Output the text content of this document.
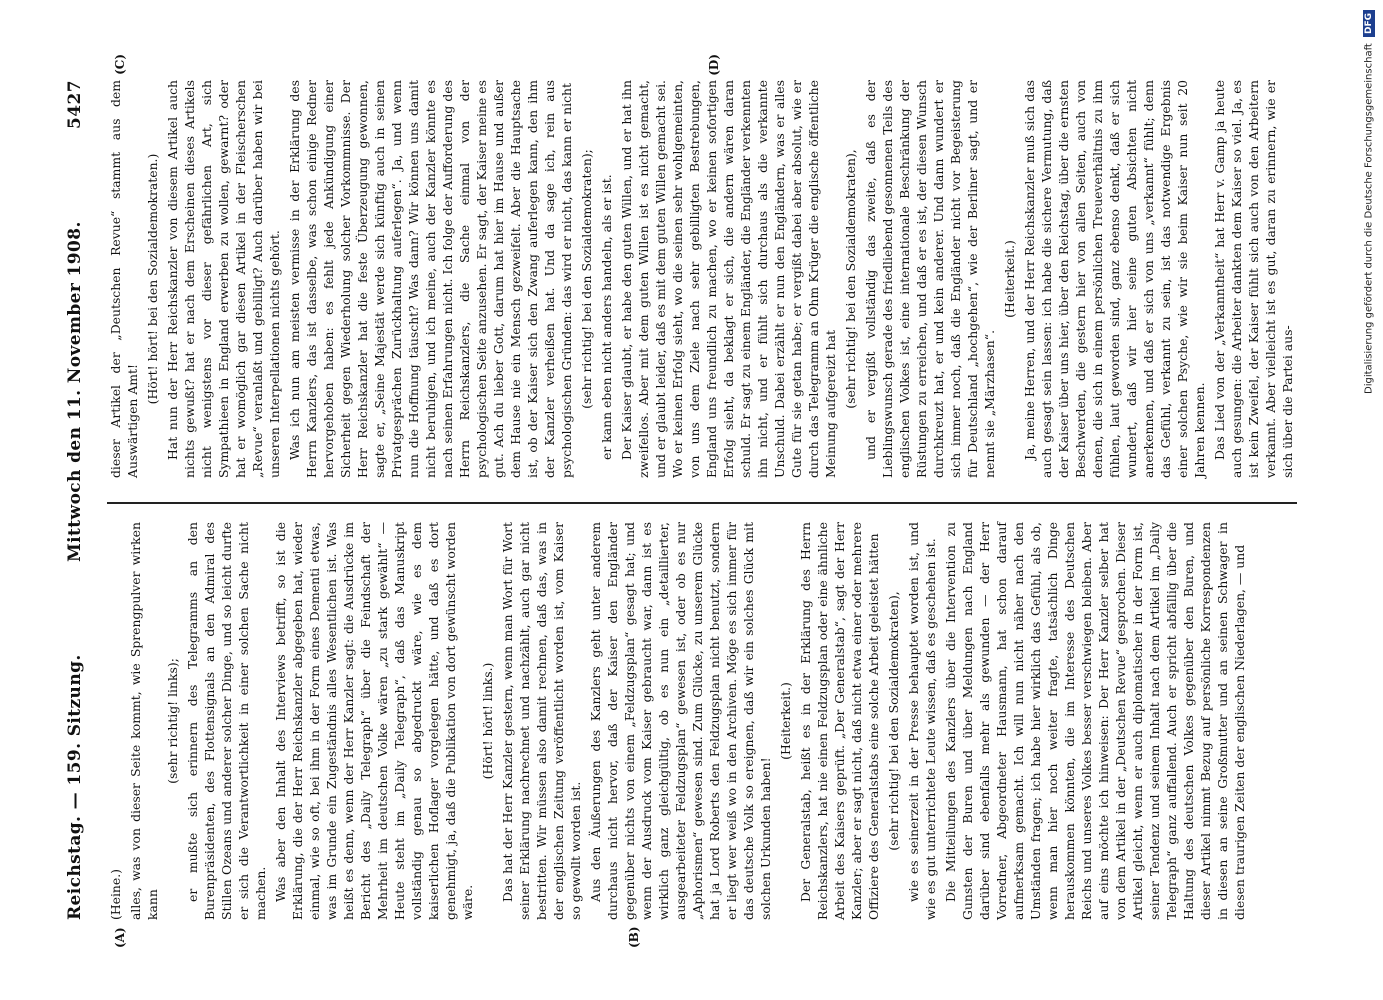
Reichstag. — 159. Sitzung.
Mittwoch den 11. November 1908.
5427
(A)	(B)

(Heine.) alles, was von dieser Seite kommt, wie Sprengpulver wirken kann

(sehr richtig! links); er mußte sich erinnern des Telegramms an den Burenpräsidenten, des Flottensignals an den Admiral des Stillen Ozeans und anderer solcher Dinge, und so leicht durfte er sich die Verantwortlichkeit in einer solchen Sache nicht machen. Was aber den Inhalt des Interviews betrifft, so ist die Erklärung, die der Herr Reichskanzler abgegeben hat, wieder einmal, wie so oft, bei ihm in der Form eines Dementi etwas, was im Grunde ein Zugeständnis alles Wesentlichen ist. Was heißt es denn, wenn der Herr Kanzler sagt: die Ausdrücke im Bericht des „Daily Telegraph“ über die Feindschaft der Mehrheit im deutschen Volke wären „zu stark gewählt“ — Heute steht im „Daily Telegraph“, daß das Manuskript vollständig genau so abgedruckt wäre, wie es dem kaiserlichen Hoflager vorgelegen hätte, und daß es dort genehmigt, ja, daß die Publikation von dort gewünscht worden wäre.

(Hört! hört! links.) Das hat der Herr Kanzler gestern, wenn man Wort für Wort seiner Erklärung nachrechnet und nachzählt, auch gar nicht bestritten. Wir müssen also damit rechnen, daß das, was in der englischen Zeitung veröffentlicht worden ist, vom Kaiser so gewollt worden ist. Aus den Äußerungen des Kanzlers geht unter anderem durchaus nicht hervor, daß der Kaiser den Engländer gegenüber nichts von einem „Feldzugsplan“ gesagt hat; und wenn der Ausdruck vom Kaiser gebraucht war, dann ist es wirklich ganz gleichgültig, ob es nun ein „detaillierter, ausgearbeiteter Feldzugsplan“ gewesen ist, oder ob es nur „Aphorismen“ gewesen sind. Zum Glücke, zu unserem Glücke hat ja Lord Roberts den Feldzugsplan nicht benutzt, sondern er liegt wer weiß wo in den Archiven. Möge es sich immer für das deutsche Volk so ereignen, daß wir ein solches Glück mit solchen Urkunden haben!

(Heiterkeit.) Der Generalstab, heißt es in der Erklärung des Herrn Reichskanzlers, hat nie einen Feldzugsplan oder eine ähnliche Arbeit des Kaisers geprüft. „Der Generalstab“, sagt der Herr Kanzler; aber er sagt nicht, daß nicht etwa einer oder mehrere Offiziere des Generalstabs eine solche Arbeit geleistet hätten (sehr richtig! bei den Sozialdemokraten), wie es seinerzeit in der Presse behauptet worden ist, und wie es gut unterrichtete Leute wissen, daß es geschehen ist. Die Mitteilungen des Kanzlers über die Intervention zu Gunsten der Buren und über Meldungen nach England darüber sind ebenfalls mehr als gewunden — der Herr Vorredner, Abgeordneter Hausmann, hat schon darauf aufmerksam gemacht. Ich will nun nicht näher nach den Umständen fragen; ich habe hier wirklich das Gefühl, als ob, wenn man hier noch weiter fragte, tatsächlich Dinge herauskommen könnten, die im Interesse des Deutschen Reichs und unseres Volkes besser verschwiegen bleiben. Aber auf eins möchte ich hinweisen: Der Herr Kanzler selber hat von dem Artikel in der „Deutschen Revue“ gesprochen. Dieser Artikel gleicht, wenn er auch diplomatischer in der Form ist, seiner Tendenz und seinem Inhalt nach dem Artikel im „Daily Telegraph“ ganz auffallend. Auch er spricht abfällig über die Haltung des deutschen Volkes gegenüber den Buren, und dieser Artikel nimmt Bezug auf persönliche Korrespondenzen in diesen an seine Großmutter und an seinen Schwager in diesen traurigen Zeiten der englischen Niederlagen, — und

(C)	(D)

dieser Artikel der „Deutschen Revue“ stammt aus dem Auswärtigen Amt!

(Hört! hört! bei den Sozialdemokraten.) Hat nun der Herr Reichskanzler von diesem Artikel auch nichts gewußt? hat er nach dem Erscheinen dieses Artikels nicht wenigstens vor dieser gefährlichen Art, sich Sympathieen in England erwerben zu wollen, gewarnt? oder hat er womöglich gar diesen Artikel in der Fleischerschen „Revue“ veranlaßt und gebilligt? Auch darüber haben wir bei unseren Interpellationen nichts gehört. Was ich nun am meisten vermisse in der Erklärung des Herrn Kanzlers, das ist dasselbe, was schon einige Redner hervorgehoben haben: es fehlt jede Ankündigung einer Sicherheit gegen Wiederholung solcher Vorkommnisse. Der Herr Reichskanzler hat die feste Überzeugung gewonnen, sagte er, „Seine Majestät werde sich künftig auch in seinen Privatgesprächen Zurückhaltung auferlegen“. Ja, und wenn nun die Hoffnung täuscht? Was dann? Wir können uns damit nicht beruhigen, und ich meine, auch der Kanzler könnte es nach seinen Erfahrungen nicht. Ich folge der Aufforderung des Herrn Reichskanzlers, die Sache einmal von der psychologischen Seite anzusehen. Er sagt, der Kaiser meine es gut. Ach du lieber Gott, darum hat hier im Hause und außer dem Hause nie ein Mensch gezweifelt. Aber die Hauptsache ist, ob der Kaiser sich den Zwang auferlegen kann, den ihm der Kanzler verheißen hat. Und da sage ich, rein aus psychologischen Gründen: das wird er nicht, das kann er nicht (sehr richtig! bei den Sozialdemokraten); er kann eben nicht anders handeln, als er ist. Der Kaiser glaubt, er habe den guten Willen, und er hat ihn zweifellos. Aber mit dem guten Willen ist es nicht gemacht, und er glaubt leider, daß es mit dem guten Willen gemacht sei. Wo er keinen Erfolg sieht, wo die seinen sehr wohlgemeinten, von uns dem Ziele nach sehr gebilligten Bestrebungen, England uns freundlich zu machen, wo er keinen sofortigen Erfolg sieht, da beklagt er sich, die andern wären daran schuld. Er sagt zu einem Engländer, die Engländer verkennten ihn nicht, und er fühlt sich durchaus als die verkannte Unschuld. Dabei erzählt er nun den Engländern, was er alles Gute für sie getan habe; er vergißt dabei aber absolut, wie er durch das Telegramm an Ohm Krüger die englische öffentliche Meinung aufgereizt hat (sehr richtig! bei den Sozialdemokraten), und er vergißt vollständig das zweite, daß es der Lieblingswunsch gerade des friedliebend gesonnenen Teils des englischen Volkes ist, eine internationale Beschränkung der Rüstungen zu erreichen, und daß er es ist, der diesen Wunsch durchkreuzt hat, er und kein anderer. Und dann wundert er sich immer noch, daß die Engländer nicht vor Begeisterung für Deutschland „hochgehen“, wie der Berliner sagt, und er nennt sie „Märzhasen“.

(Heiterkeit.) Ja, meine Herren, und der Herr Reichskanzler muß sich das auch gesagt sein lassen: ich habe die sichere Vermutung, daß der Kaiser über uns hier, über den Reichstag, über die ernsten Beschwerden, die gestern hier von allen Seiten, auch von denen, die sich in einem persönlichen Treueverhältnis zu ihm fühlen, laut geworden sind, ganz ebenso denkt, daß er sich wundert, daß wir hier seine guten Absichten nicht anerkennen, und daß er sich von uns „verkannt“ fühlt; denn das Gefühl, verkannt zu sein, ist das notwendige Ergebnis einer solchen Psyche, wie wir sie beim Kaiser nun seit 20 Jahren kennen. Das Lied von der „Verkanntheit“ hat Herr v. Gamp ja heute auch gesungen: die Arbeiter dankten dem Kaiser so viel. Ja, es ist kein Zweifel, der Kaiser fühlt sich auch von den Arbeitern verkannt. Aber vielleicht ist es gut, daran zu erinnern, wie er sich über die Partei aus-

Digitalisierung gefördert durch die Deutsche Forschungsgemeinschaft
DFG
